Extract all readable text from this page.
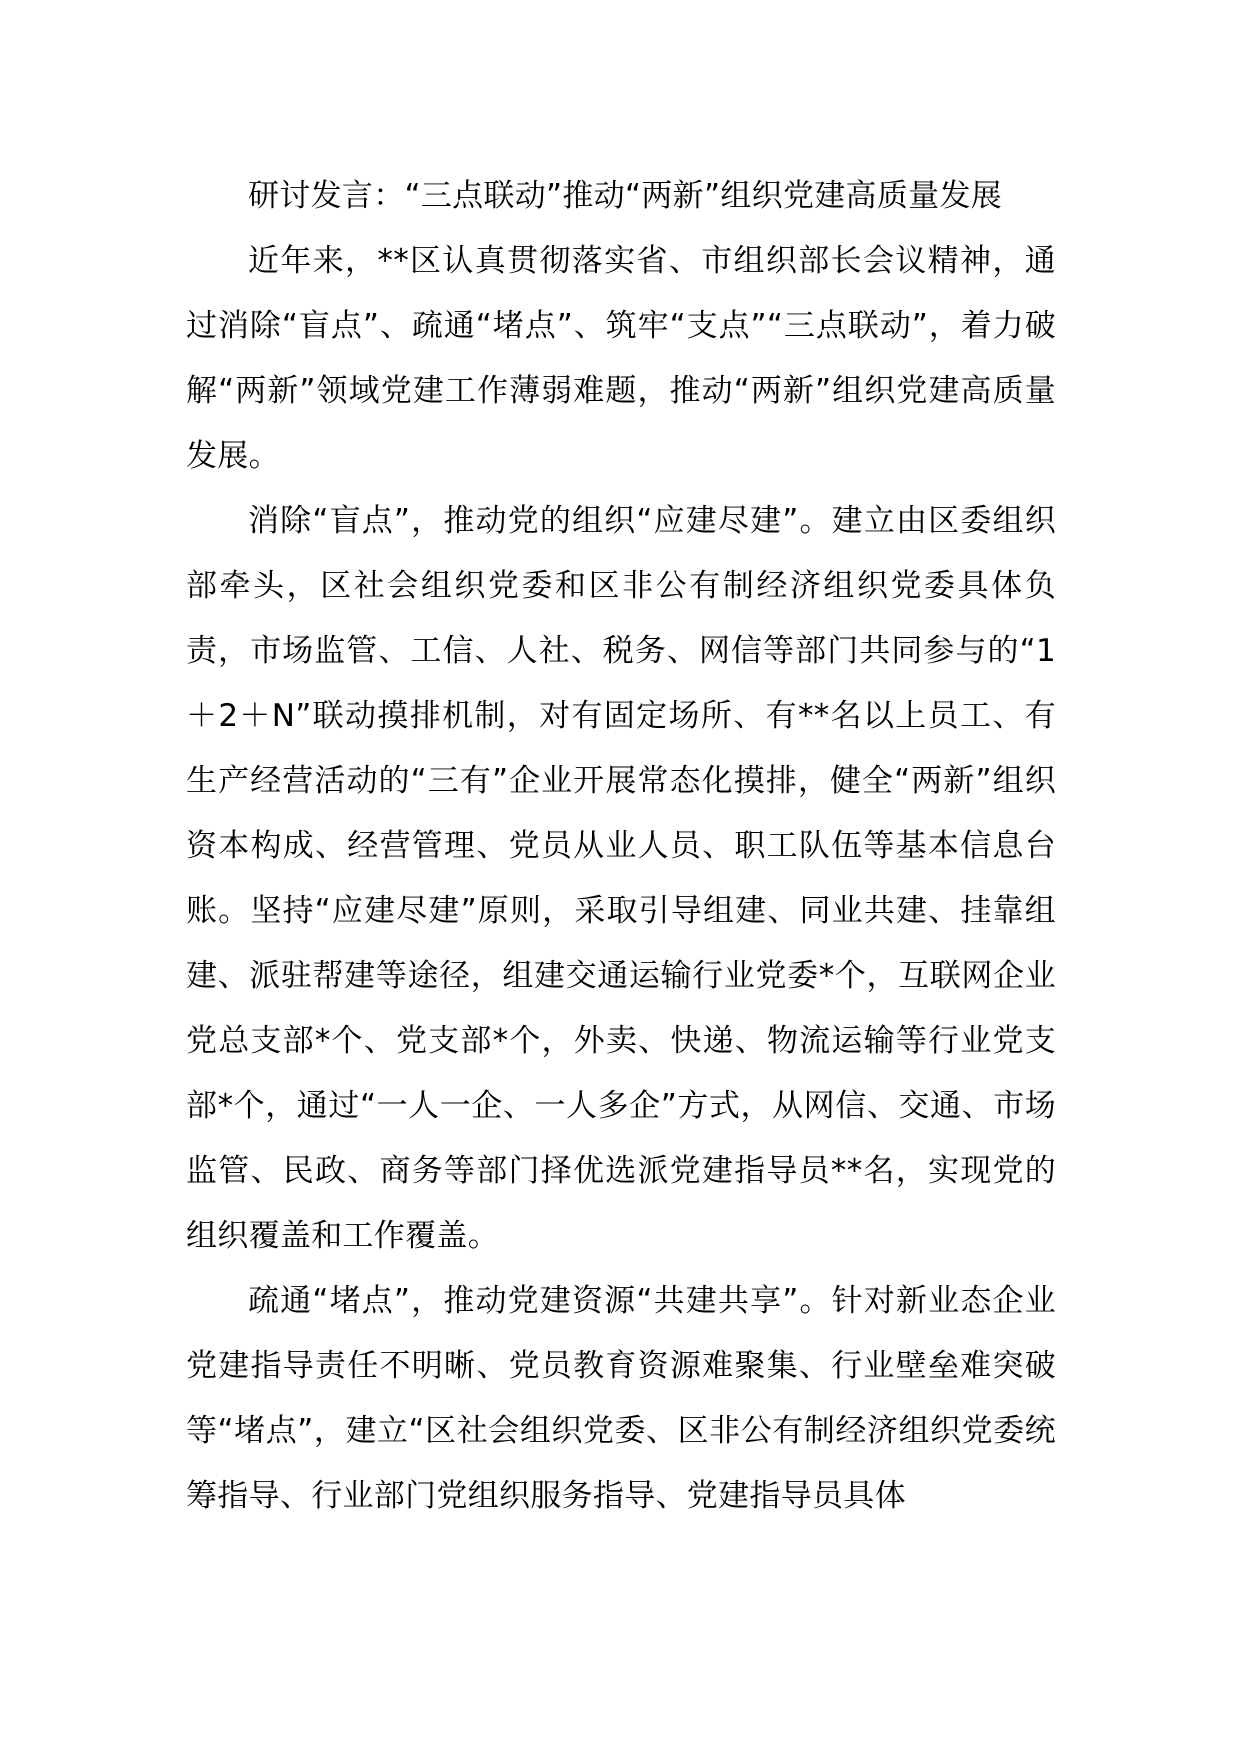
研讨发言：“三点联动”推动“两新”组织党建高质量发展

近年来，**区认真贯彻落实省、市组织部长会议精神，通过消除“盲点”、疏通“堵点”、筑牢“支点”“三点联动”，着力破解“两新”领域党建工作薄弱难题，推动“两新”组织党建高质量发展。

消除“盲点”，推动党的组织“应建尽建”。建立由区委组织部牵头，区社会组织党委和区非公有制经济组织党委具体负责，市场监管、工信、人社、税务、网信等部门共同参与的“1＋2＋N”联动摸排机制，对有固定场所、有**名以上员工、有生产经营活动的“三有”企业开展常态化摸排，健全“两新”组织资本构成、经营管理、党员从业人员、职工队伍等基本信息台账。坚持“应建尽建”原则，采取引导组建、同业共建、挂靠组建、派驻帮建等途径，组建交通运输行业党委*个，互联网企业党总支部*个、党支部*个，外卖、快递、物流运输等行业党支部*个，通过“一人一企、一人多企”方式，从网信、交通、市场监管、民政、商务等部门择优选派党建指导员**名，实现党的组织覆盖和工作覆盖。

疏通“堵点”，推动党建资源“共建共享”。针对新业态企业党建指导责任不明晰、党员教育资源难聚集、行业壁垒难突破等“堵点”，建立“区社会组织党委、区非公有制经济组织党委统筹指导、行业部门党组织服务指导、党建指导员具体
